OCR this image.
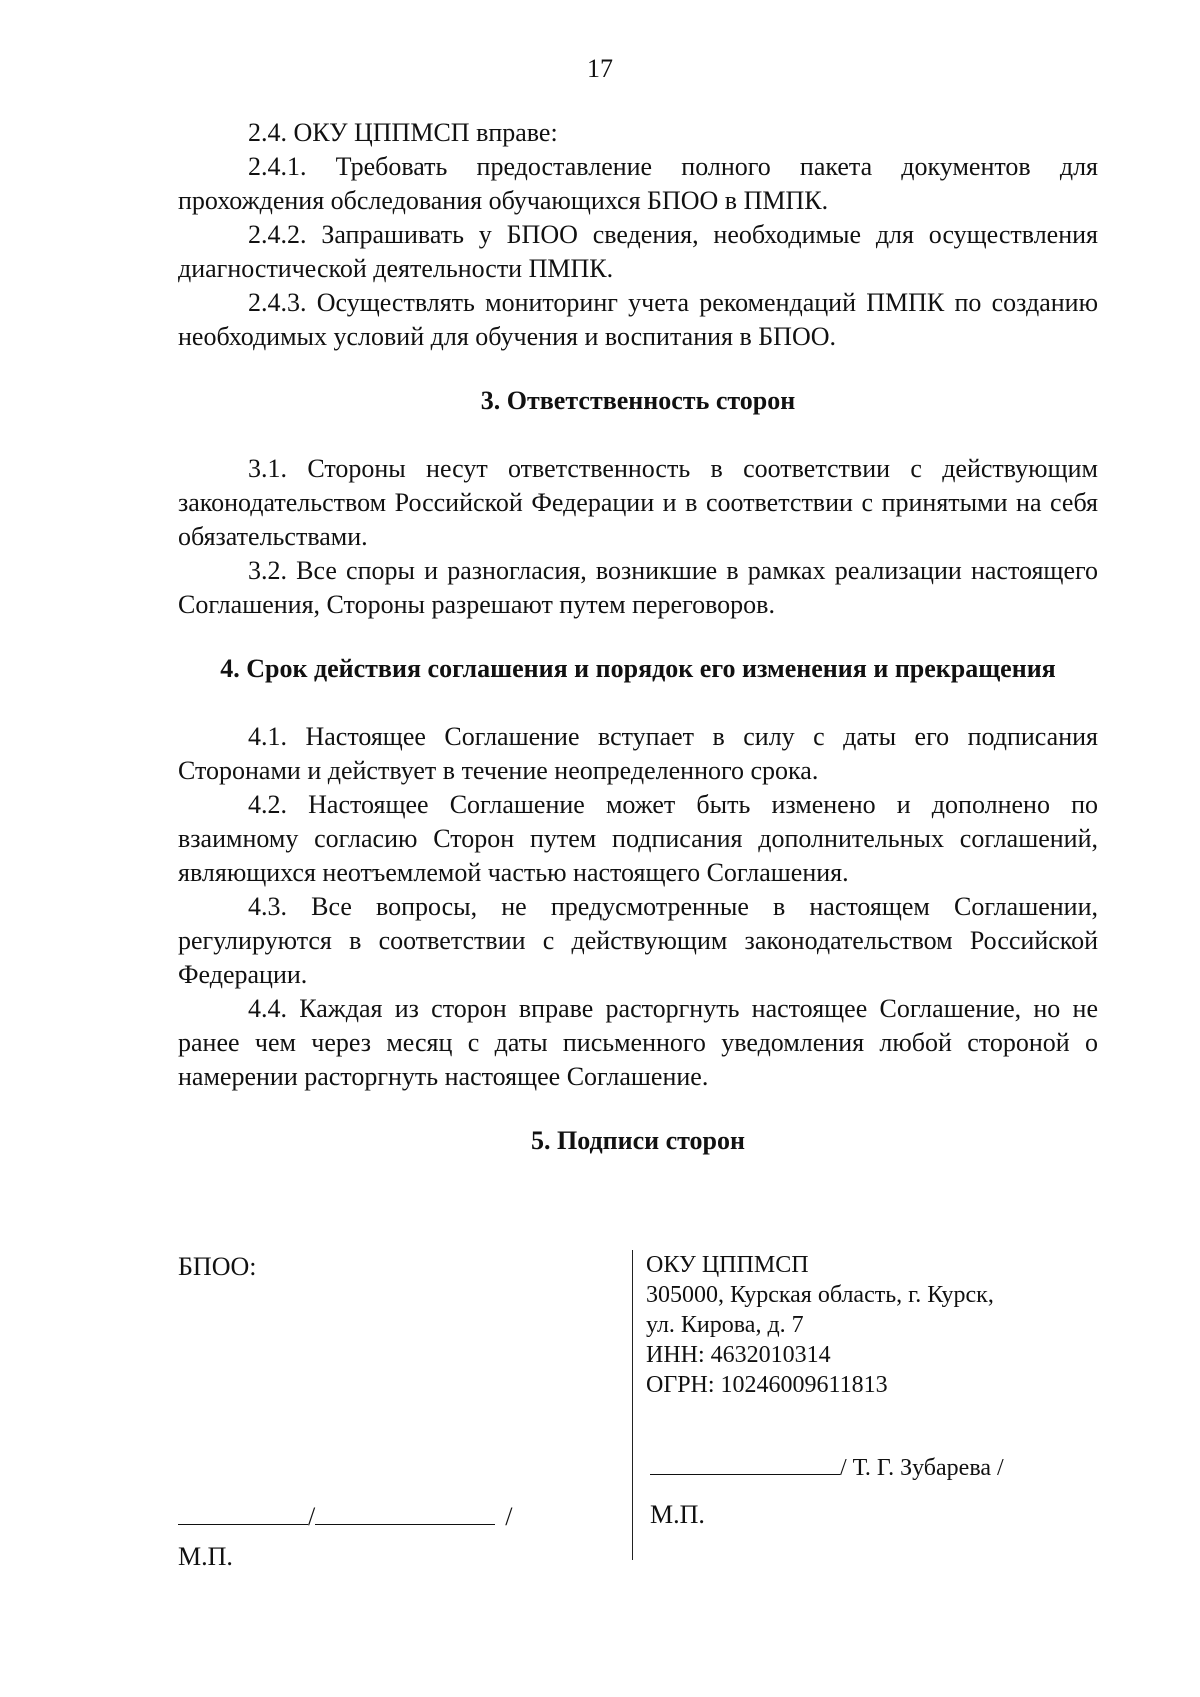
17

2.4. ОКУ ЦППМСП вправе:

2.4.1. Требовать предоставление полного пакета документов для прохождения обследования обучающихся БПОО в ПМПК.

2.4.2. Запрашивать у БПОО сведения, необходимые для осуществления диагностической деятельности ПМПК.

2.4.3. Осуществлять мониторинг учета рекомендаций ПМПК по созданию необходимых условий для обучения и воспитания в БПОО.

3. Ответственность сторон

3.1. Стороны несут ответственность в соответствии с действующим законодательством Российской Федерации и в соответствии с принятыми на себя обязательствами.

3.2. Все споры и разногласия, возникшие в рамках реализации настоящего Соглашения, Стороны разрешают путем переговоров.

4. Срок действия соглашения и порядок его изменения и прекращения

4.1. Настоящее Соглашение вступает в силу с даты его подписания Сторонами и действует в течение неопределенного срока.

4.2. Настоящее Соглашение может быть изменено и дополнено по взаимному согласию Сторон путем подписания дополнительных соглашений, являющихся неотъемлемой частью настоящего Соглашения.

4.3. Все вопросы, не предусмотренные в настоящем Соглашении, регулируются в соответствии с действующим законодательством Российской Федерации.

4.4. Каждая из сторон вправе расторгнуть настоящее Соглашение, но не ранее чем через месяц с даты письменного уведомления любой стороной о намерении расторгнуть настоящее Соглашение.

5. Подписи сторон

БПОО:
/	/
М.П.

ОКУ ЦППМСП

305000, Курская область, г. Курск,

ул. Кирова, д. 7

ИНН: 4632010314

ОГРН: 10246009611813

/ Т. Г. Зубарева /
М.П.
